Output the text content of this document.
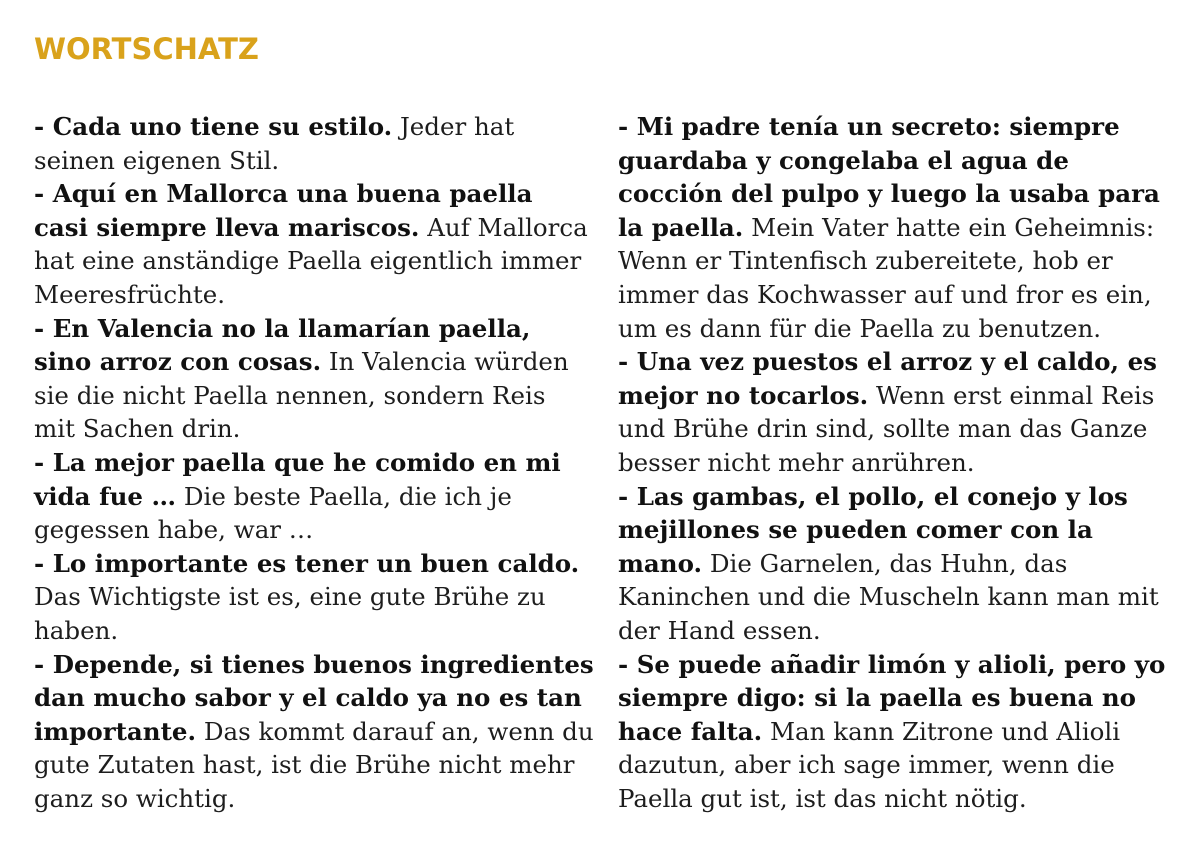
WORTSCHATZ

- Cada uno tiene su estilo. Jeder hat seinen eigenen Stil.

- Aquí en Mallorca una buena paella casi siempre lleva mariscos. Auf Mallorca hat eine anständige Paella eigentlich immer Meeresfrüchte.

- En Valencia no la llamarían paella, sino arroz con cosas. In Valencia würden sie die nicht Paella nennen, sondern Reis mit Sachen drin.

- La mejor paella que he comido en mi vida fue … Die beste Paella, die ich je gegessen habe, war …

- Lo importante es tener un buen caldo. Das Wichtigste ist es, eine gute Brühe zu haben.

- Depende, si tienes buenos ingredientes dan mucho sabor y el caldo ya no es tan importante. Das kommt darauf an, wenn du gute Zutaten hast, ist die Brühe nicht mehr ganz so wichtig.

- Mi padre tenía un secreto: siempre guardaba y congelaba el agua de cocción del pulpo y luego la usaba para la paella. Mein Vater hatte ein Geheimnis: Wenn er Tintenfisch zubereitete, hob er immer das Kochwasser auf und fror es ein, um es dann für die Paella zu benutzen.

- Una vez puestos el arroz y el caldo, es mejor no tocarlos. Wenn erst einmal Reis und Brühe drin sind, sollte man das Ganze besser nicht mehr anrühren.

- Las gambas, el pollo, el conejo y los mejillones se pueden comer con la mano. Die Garnelen, das Huhn, das Kaninchen und die Muscheln kann man mit der Hand essen.

- Se puede añadir limón y alioli, pero yo siempre digo: si la paella es buena no hace falta. Man kann Zitrone und Alioli dazutun, aber ich sage immer, wenn die Paella gut ist, ist das nicht nötig.
